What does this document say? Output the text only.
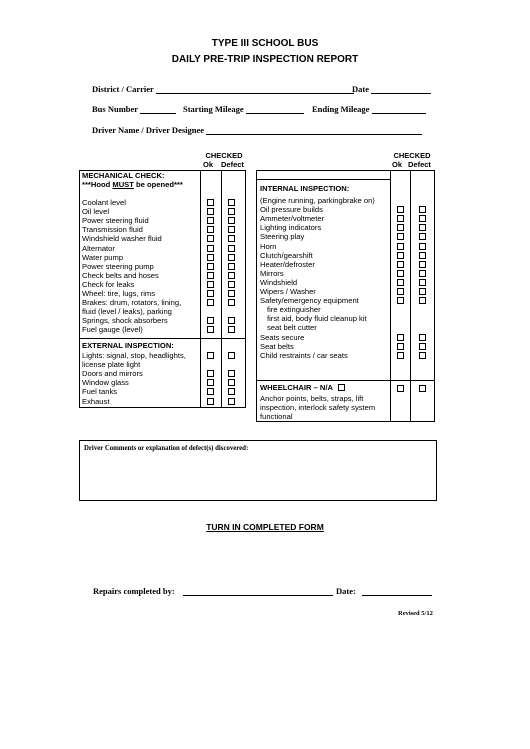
TYPE III SCHOOL BUS
DAILY PRE-TRIP INSPECTION REPORT
District / Carrier	Date
Bus Number	Starting Mileage	Ending Mileage
Driver Name / Driver Designee
CHECKED
Ok Defect
CHECKED
Ok Defect
MECHANICAL CHECK:
***Hood MUST be opened***
Coolant level
Oil level
Power steering fluid
Transmission fluid
Windshield washer fluid
Alternator
Water pump
Power steering pump
Check belts and hoses
Check for leaks
Wheel: tire, lugs, rims
Brakes: drum, rotators, lining,
fluid (level / leaks), parking
Springs, shock absorbers
Fuel gauge (level)
EXTERNAL INSPECTION:
Lights: signal, stop, headlights,
license plate light
Doors and mirrors
Window glass
Fuel tanks
Exhaust
INTERNAL INSPECTION:
(Engine running, parkingbrake on)
Oil pressure builds
Ammeter/voltmeter
Lighting indicators
Steering play
Horn
Clutch/gearshift
Heater/defroster
Mirrors
Windshield
Wipers / Washer
Safety/emergency equipment
fire extinguisher
first aid, body fluid cleanup kit
seat belt cutter
Seats secure
Seat belts
Child restraints / car seats
WHEELCHAIR – N/A
Anchor points, belts, straps, lift
inspection, interlock safety system
functional
Driver Comments or explanation of defect(s) discovered:
TURN IN COMPLETED FORM
Repairs completed by:	Date:
Revised 5/12
